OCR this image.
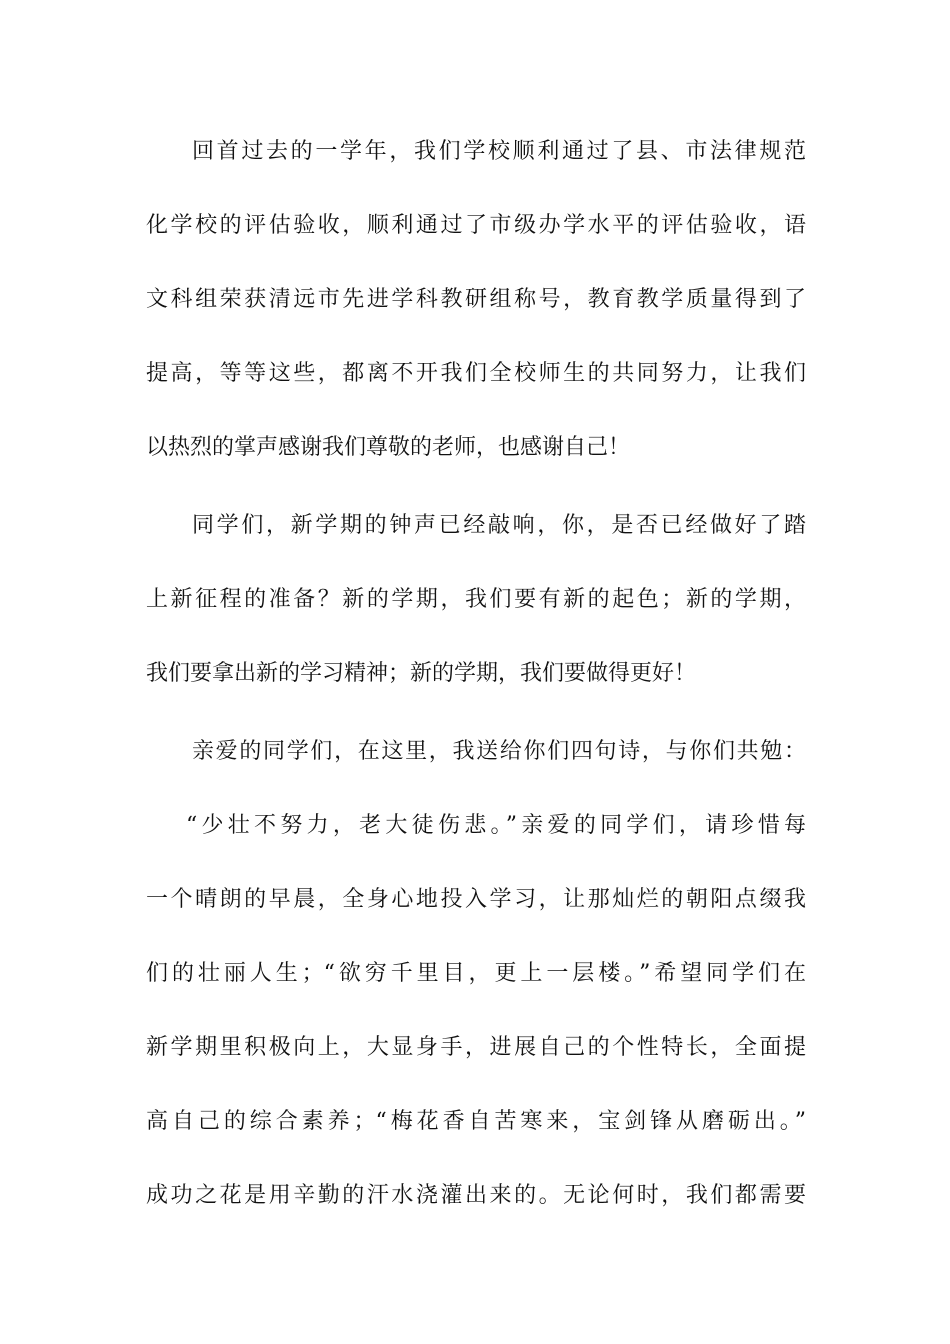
回首过去的一学年，我们学校顺利通过了县、市法律规范
化学校的评估验收，顺利通过了市级办学水平的评估验收，语
文科组荣获清远市先进学科教研组称号，教育教学质量得到了
提高，等等这些，都离不开我们全校师生的共同努力，让我们
以热烈的掌声感谢我们尊敬的老师，也感谢自己！
同学们，新学期的钟声已经敲响，你，是否已经做好了踏
上新征程的准备？新的学期，我们要有新的起色；新的学期，
我们要拿出新的学习精神；新的学期，我们要做得更好！
亲爱的同学们，在这里，我送给你们四句诗，与你们共勉：
“少壮不努力，老大徒伤悲。”亲爱的同学们，请珍惜每
一个晴朗的早晨，全身心地投入学习，让那灿烂的朝阳点缀我
们的壮丽人生；“欲穷千里目，更上一层楼。”希望同学们在
新学期里积极向上，大显身手，进展自己的个性特长，全面提
高自己的综合素养；“梅花香自苦寒来，宝剑锋从磨砺出。”
成功之花是用辛勤的汗水浇灌出来的。无论何时，我们都需要
